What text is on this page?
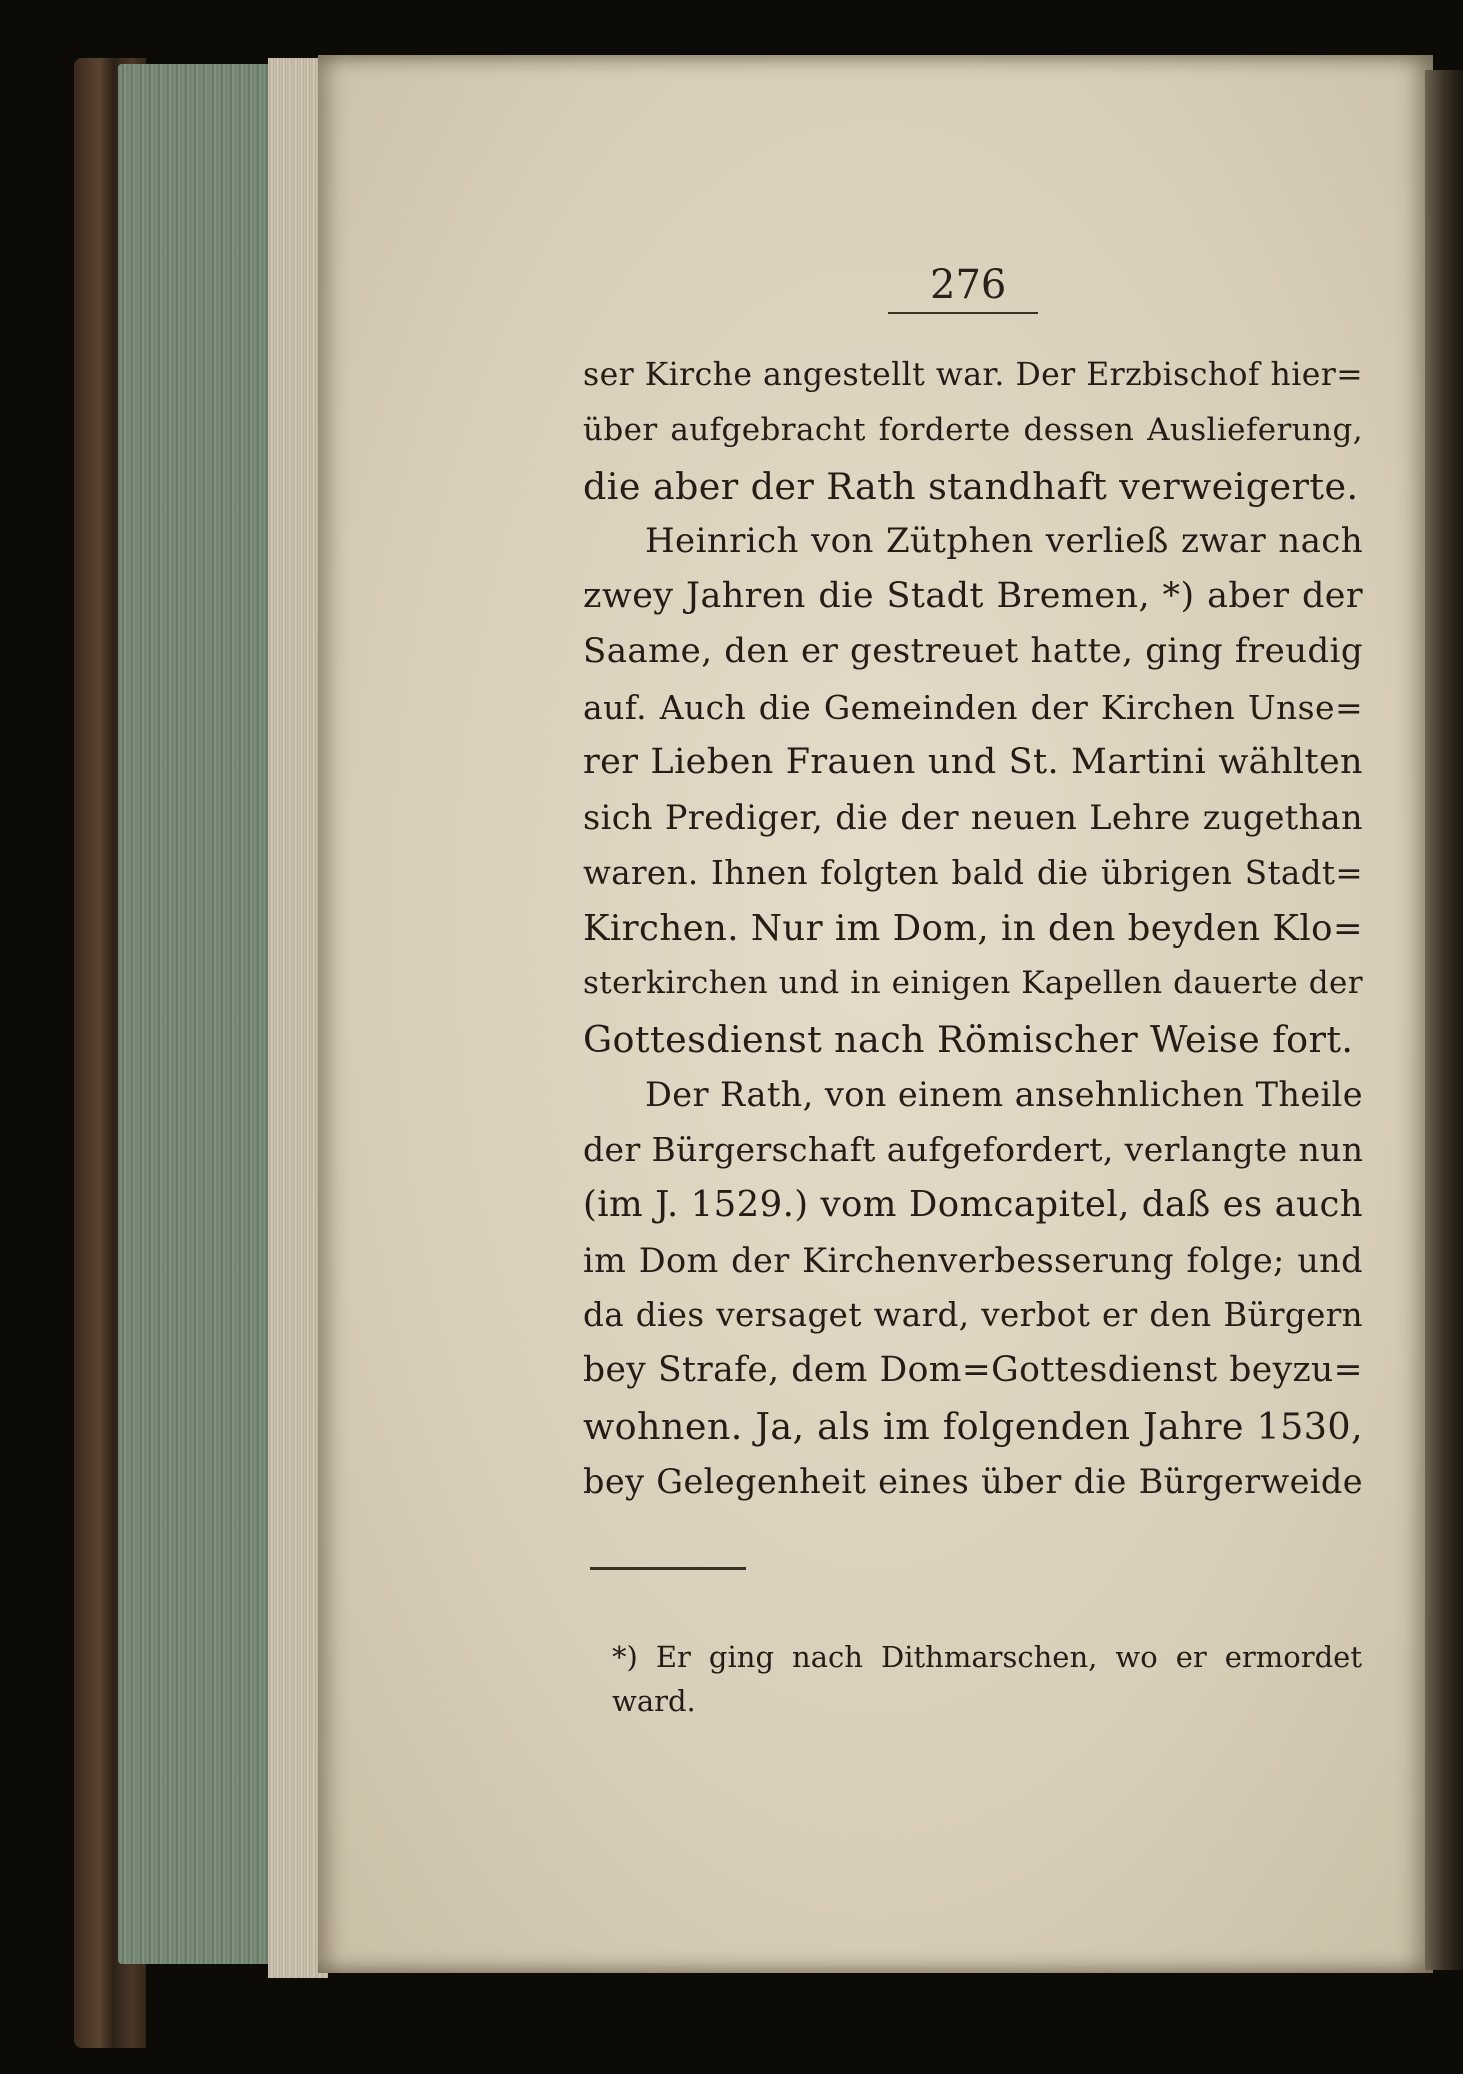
276
ser Kirche angestellt war. Der Erzbischof hier=
über aufgebracht forderte dessen Auslieferung,
die aber der Rath standhaft verweigerte.
Heinrich von Zütphen verließ zwar nach
zwey Jahren die Stadt Bremen, *) aber der
Saame, den er gestreuet hatte, ging freudig
auf. Auch die Gemeinden der Kirchen Unse=
rer Lieben Frauen und St. Martini wählten
sich Prediger, die der neuen Lehre zugethan
waren. Ihnen folgten bald die übrigen Stadt=
Kirchen. Nur im Dom, in den beyden Klo=
sterkirchen und in einigen Kapellen dauerte der
Gottesdienst nach Römischer Weise fort.
Der Rath, von einem ansehnlichen Theile
der Bürgerschaft aufgefordert, verlangte nun
(im J. 1529.) vom Domcapitel, daß es auch
im Dom der Kirchenverbesserung folge; und
da dies versaget ward, verbot er den Bürgern
bey Strafe, dem Dom=Gottesdienst beyzu=
wohnen. Ja, als im folgenden Jahre 1530,
bey Gelegenheit eines über die Bürgerweide
*) Er ging nach Dithmarschen, wo er ermordet
ward.
